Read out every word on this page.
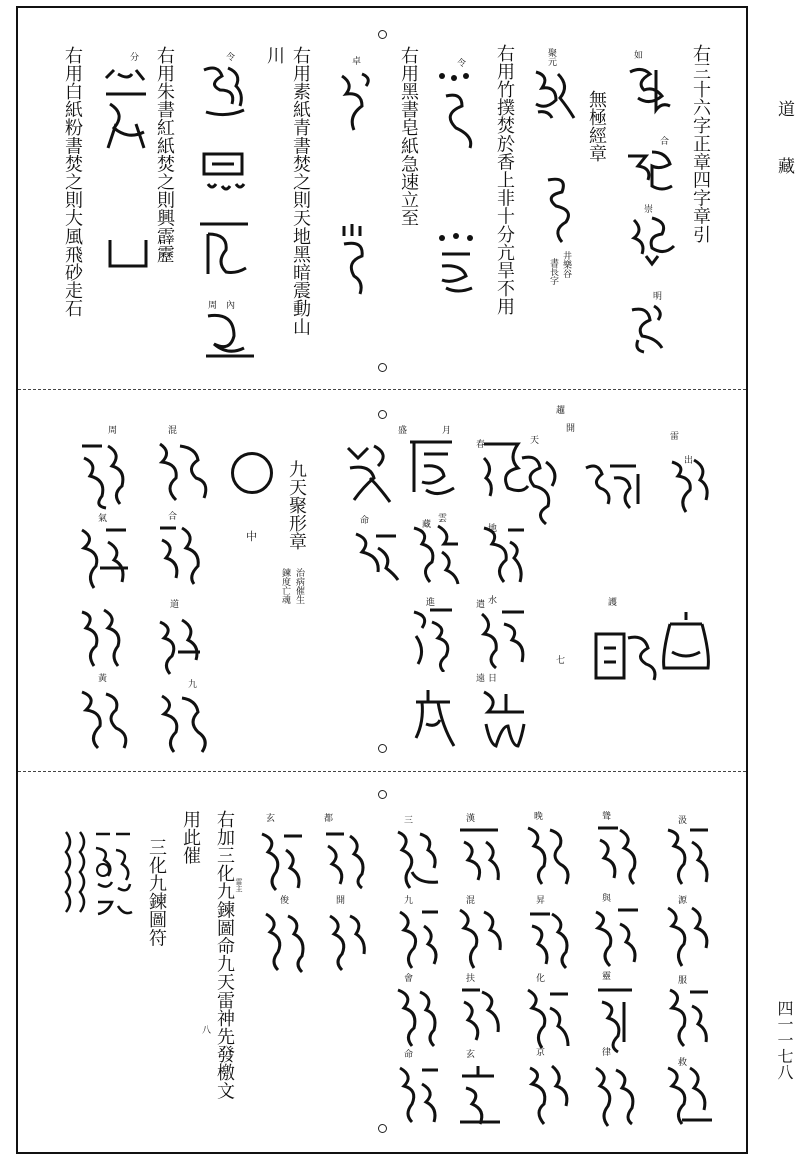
右三十六字正章四字章引
無極經章
右用竹撲焚於香上非十分亢旱不用
右用黑書皂紙急速立至
右用素紙青書焚之則天地黑暗震動山
川
右用朱書紅紙焚之則興霹靂
右用白紙粉書焚之則大風飛砂走石	如
合
崇
明
聚元
井樂谷
書長字
令
卓
令
分
周 內
九天聚形章
治病催生
鍊度亡魂
中
七
雷
開
天
護
地
水
日
月
雲
進
命
周
氣
混
合
九
道
春
藏
盛
遣
遠
黃
趯
出
右加三化九鍊圖命九天雷神先發檄文
用此催
三化九鍊圖符
八
汲
源
服
救
聳
與
靈
律
晚
昇
化
京
漢
混
扶
玄
三
九
會
命
都
開
玄
俊
雷主
道藏
四一一七八
